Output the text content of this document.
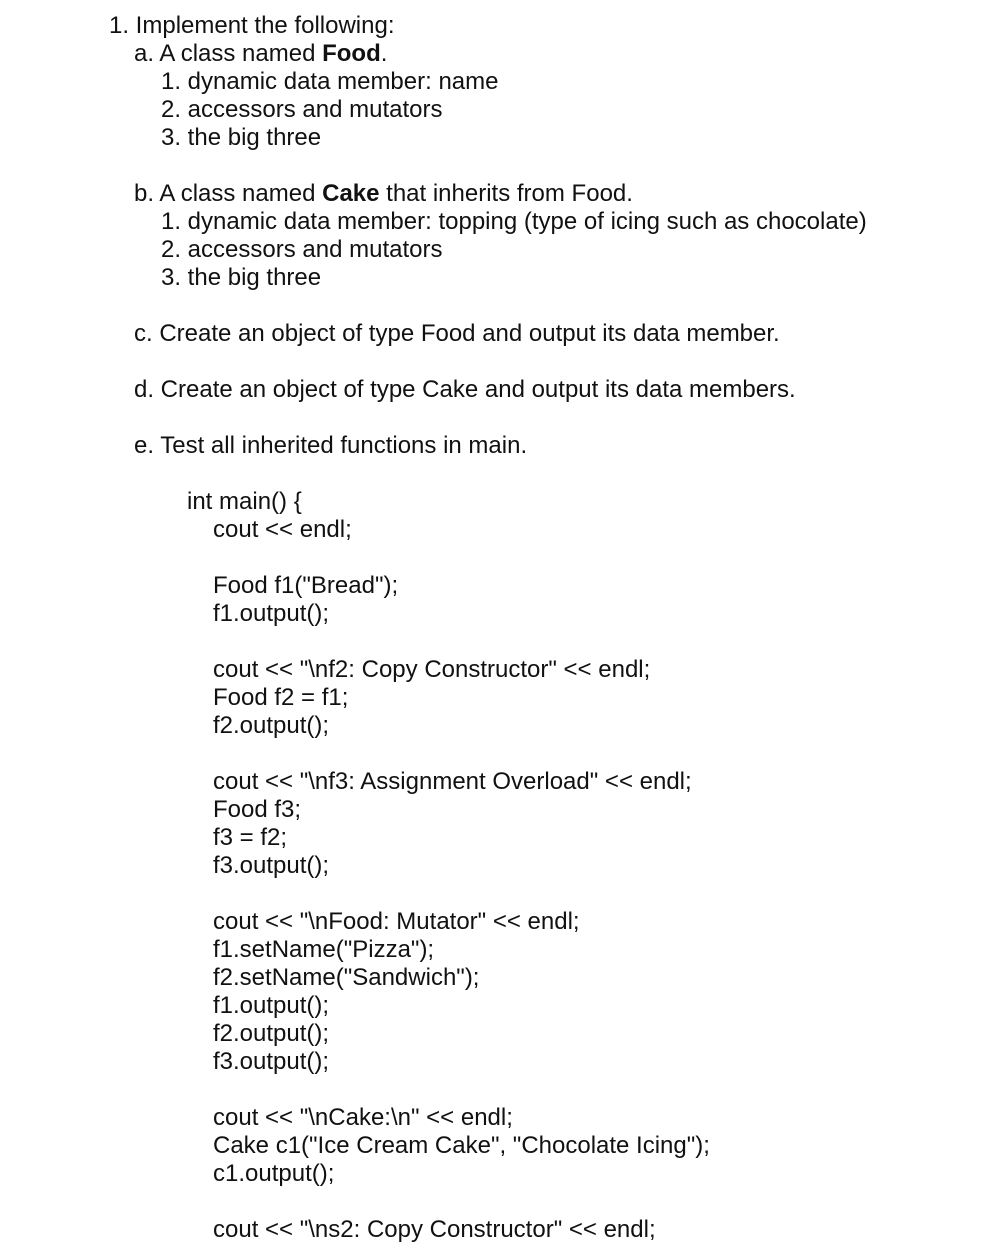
1. Implement the following:
a. A class named Food.
1. dynamic data member: name
2. accessors and mutators
3. the big three
b. A class named Cake that inherits from Food.
1. dynamic data member: topping (type of icing such as chocolate)
2. accessors and mutators
3. the big three
c. Create an object of type Food and output its data member.
d. Create an object of type Cake and output its data members.
e. Test all inherited functions in main.
int main() {
cout << endl;
Food f1("Bread");
f1.output();
cout << "\nf2: Copy Constructor" << endl;
Food f2 = f1;
f2.output();
cout << "\nf3: Assignment Overload" << endl;
Food f3;
f3 = f2;
f3.output();
cout << "\nFood: Mutator" << endl;
f1.setName("Pizza");
f2.setName("Sandwich");
f1.output();
f2.output();
f3.output();
cout << "\nCake:\n" << endl;
Cake c1("Ice Cream Cake", "Chocolate Icing");
c1.output();
cout << "\ns2: Copy Constructor" << endl;
